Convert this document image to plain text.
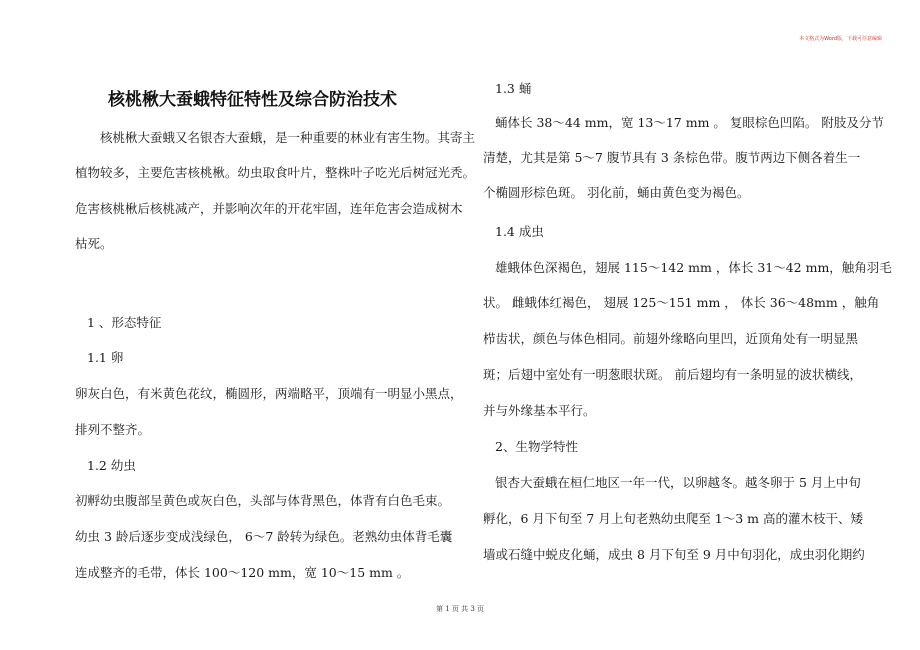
本文格式为Word版，下载可任意编辑
核桃楸大蚕蛾特征特性及综合防治技术
　　核桃楸大蚕蛾又名银杏大蚕蛾，是一种重要的林业有害生物。其寄主
植物较多，主要危害核桃楸。幼虫取食叶片，整株叶子吃光后树冠光秃。
危害核桃楸后核桃减产，并影响次年的开花牢固，连年危害会造成树木
枯死。
1 、形态特征
1.1 卵
卵灰白色，有米黄色花纹，椭圆形，两端略平，顶端有一明显小黑点，
排列不整齐。
1.2 幼虫
初孵幼虫腹部呈黄色或灰白色，头部与体背黑色，体背有白色毛束。
幼虫 3 龄后逐步变成浅绿色， 6～7 龄转为绿色。老熟幼虫体背毛囊
连成整齐的毛带，体长 100～120 mm，宽 10～15 mm 。
1.3 蛹
蛹体长 38～44 mm，宽 13～17 mm 。 复眼棕色凹陷。 附肢及分节
清楚，尤其是第 5～7 腹节具有 3 条棕色带。腹节两边下侧各着生一
个椭圆形棕色斑。 羽化前，蛹由黄色变为褐色。
1.4 成虫
雄蛾体色深褐色，翅展 115～142 mm ，体长 31～42 mm，触角羽毛
状。 雌蛾体红褐色， 翅展 125～151 mm ， 体长 36～48mm ，触角
栉齿状，颜色与体色相同。前翅外缘略向里凹，近顶角处有一明显黑
斑；后翅中室处有一明葱眼状斑。 前后翅均有一条明显的波状横线，
并与外缘基本平行。
2、生物学特性
银杏大蚕蛾在桓仁地区一年一代，以卵越冬。越冬卵于 5 月上中旬
孵化，6 月下旬至 7 月上旬老熟幼虫爬至 1～3 m 高的灌木枝干、矮
墙或石缝中蜕皮化蛹，成虫 8 月下旬至 9 月中旬羽化，成虫羽化期约
第 1 页 共 3 页
